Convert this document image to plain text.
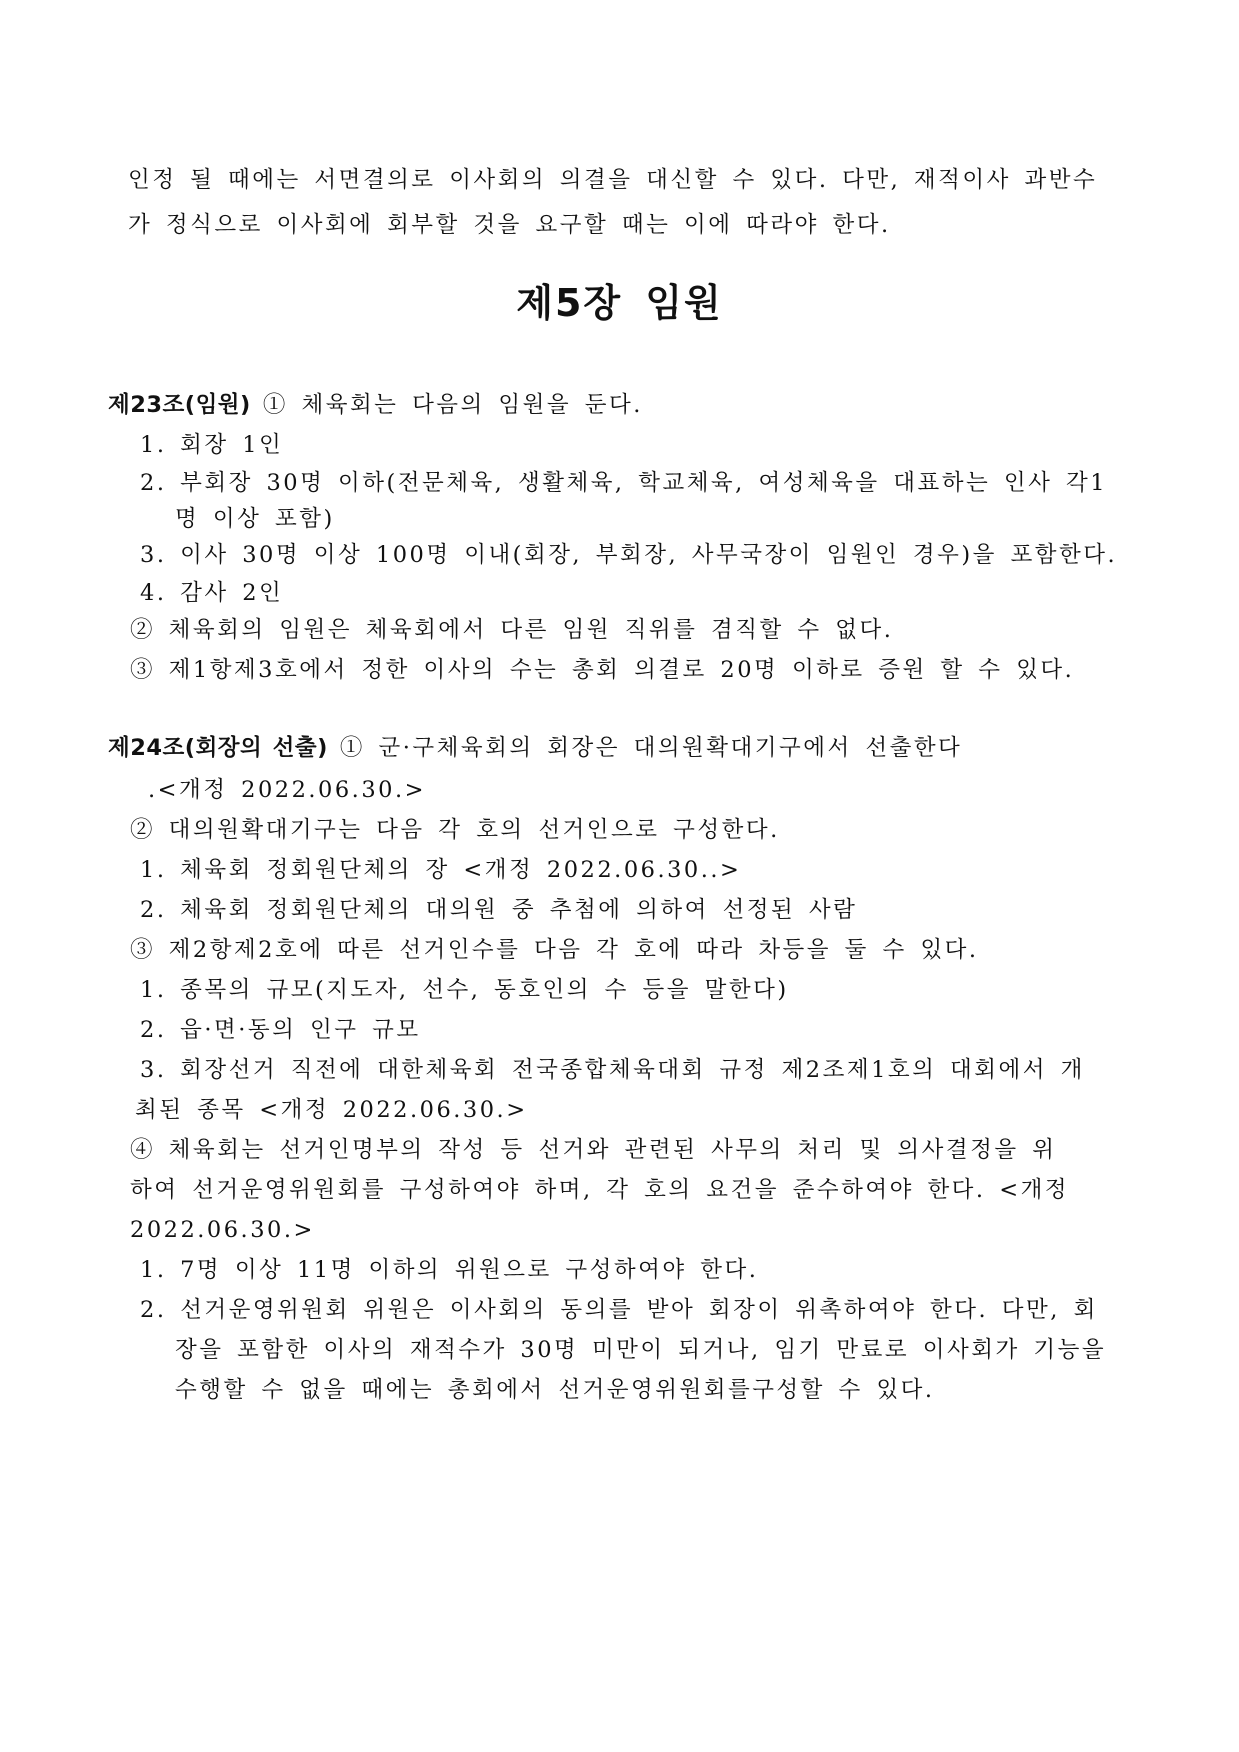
인정 될 때에는 서면결의로 이사회의 의결을 대신할 수 있다. 다만, 재적이사 과반수

가 정식으로 이사회에 회부할 것을 요구할 때는 이에 따라야 한다.

제5장 임원

제23조(임원) ① 체육회는 다음의 임원을 둔다.

1. 회장 1인

2. 부회장 30명 이하(전문체육, 생활체육, 학교체육, 여성체육을 대표하는 인사 각1

명 이상 포함)

3. 이사 30명 이상 100명 이내(회장, 부회장, 사무국장이 임원인 경우)을 포함한다.

4. 감사 2인

② 체육회의 임원은 체육회에서 다른 임원 직위를 겸직할 수 없다.

③ 제1항제3호에서 정한 이사의 수는 총회 의결로 20명 이하로 증원 할 수 있다.

제24조(회장의 선출) ① 군·구체육회의 회장은 대의원확대기구에서 선출한다

.<개정 2022.06.30.>

② 대의원확대기구는 다음 각 호의 선거인으로 구성한다.

1. 체육회 정회원단체의 장 <개정 2022.06.30..>

2. 체육회 정회원단체의 대의원 중 추첨에 의하여 선정된 사람

③ 제2항제2호에 따른 선거인수를 다음 각 호에 따라 차등을 둘 수 있다.

1. 종목의 규모(지도자, 선수, 동호인의 수 등을 말한다)

2. 읍·면·동의 인구 규모

3. 회장선거 직전에 대한체육회 전국종합체육대회 규정 제2조제1호의 대회에서 개

최된 종목 <개정 2022.06.30.>

④ 체육회는 선거인명부의 작성 등 선거와 관련된 사무의 처리 및 의사결정을 위

하여 선거운영위원회를 구성하여야 하며, 각 호의 요건을 준수하여야 한다. <개정

2022.06.30.>

1. 7명 이상 11명 이하의 위원으로 구성하여야 한다.

2. 선거운영위원회 위원은 이사회의 동의를 받아 회장이 위촉하여야 한다. 다만, 회

장을 포함한 이사의 재적수가 30명 미만이 되거나, 임기 만료로 이사회가 기능을

수행할 수 없을 때에는 총회에서 선거운영위원회를구성할 수 있다.
